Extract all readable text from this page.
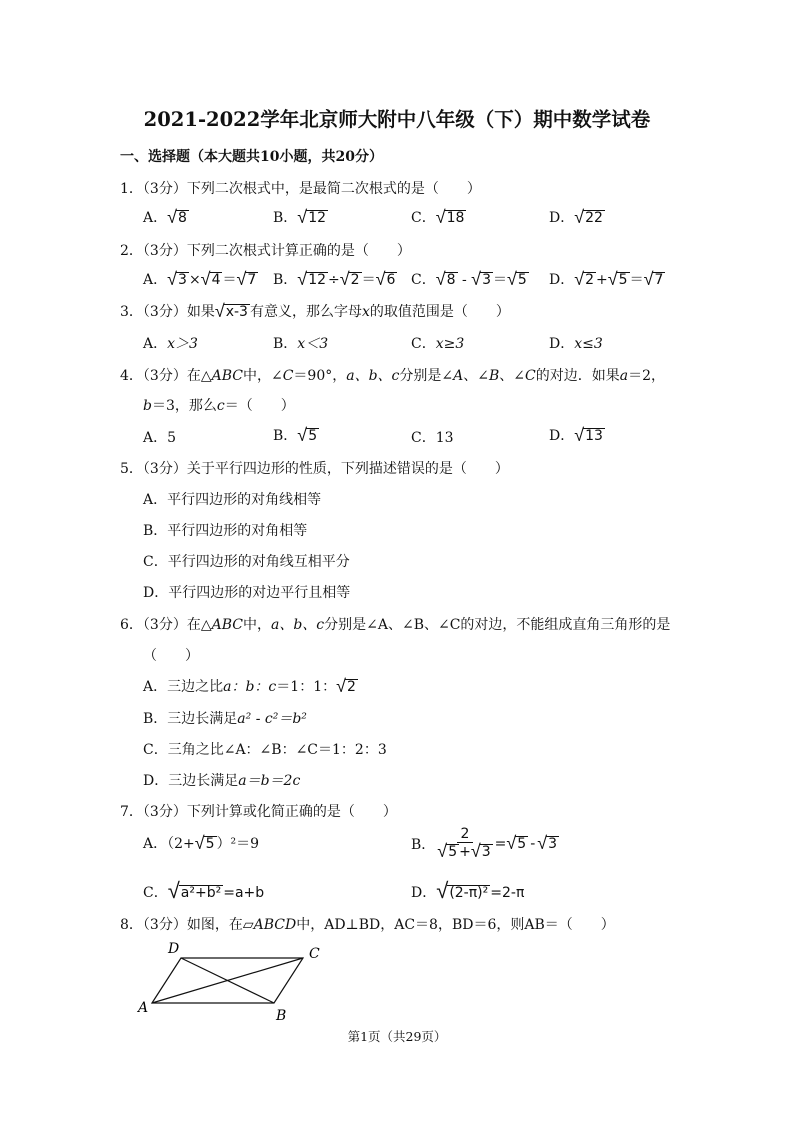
2021-2022学年北京师大附中八年级（下）期中数学试卷
一、选择题（本大题共10小题，共20分）
1．（3分）下列二次根式中，是最简二次根式的是（　　）
A．√8	B．√12	C．√18	D．√22
2．（3分）下列二次根式计算正确的是（　　）
A．√3 ×√4 ＝√7 B．√12 ÷√2 ＝√6 C．√8 - √3 ＝√5 D．√2 +√5 ＝√7
3．（3分）如果√x-3 有意义，那么字母x的取值范围是（　　）
A．x＞3	B．x＜3	C．x≥3	D．x≤3
4．（3分）在△ABC中，∠C＝90°，a、b、c分别是∠A、∠B、∠C的对边．如果a＝2，
b＝3，那么c＝（　　）
A．5	B．√5	C．13	D．√13
5．（3分）关于平行四边形的性质，下列描述错误的是（　　）
A．平行四边形的对角线相等
B．平行四边形的对角相等
C．平行四边形的对角线互相平分
D．平行四边形的对边平行且相等
6．（3分）在△ABC中，a、b、c分别是∠A、∠B、∠C的对边，不能组成直角三角形的是
（　　）
A．三边之比a：b：c＝1：1：√2
B．三边长满足a² - c²＝b²
C．三角之比∠A：∠B：∠C＝1：2：3
D．三边长满足a＝b＝2c
7．（3分）下列计算或化简正确的是（　　）
A．（2+√5 ）²＝9	B． $\frac{2}{√5 +√3}$ = √ 5 - √ 3
C．√a²+b² =a+b	D．√(2-π)² =2-π
8．（3分）如图，在▱ABCD中，AD⊥BD，AC＝8，BD＝6，则AB＝（　　）
D	C
A	B
第1页（共29页）
